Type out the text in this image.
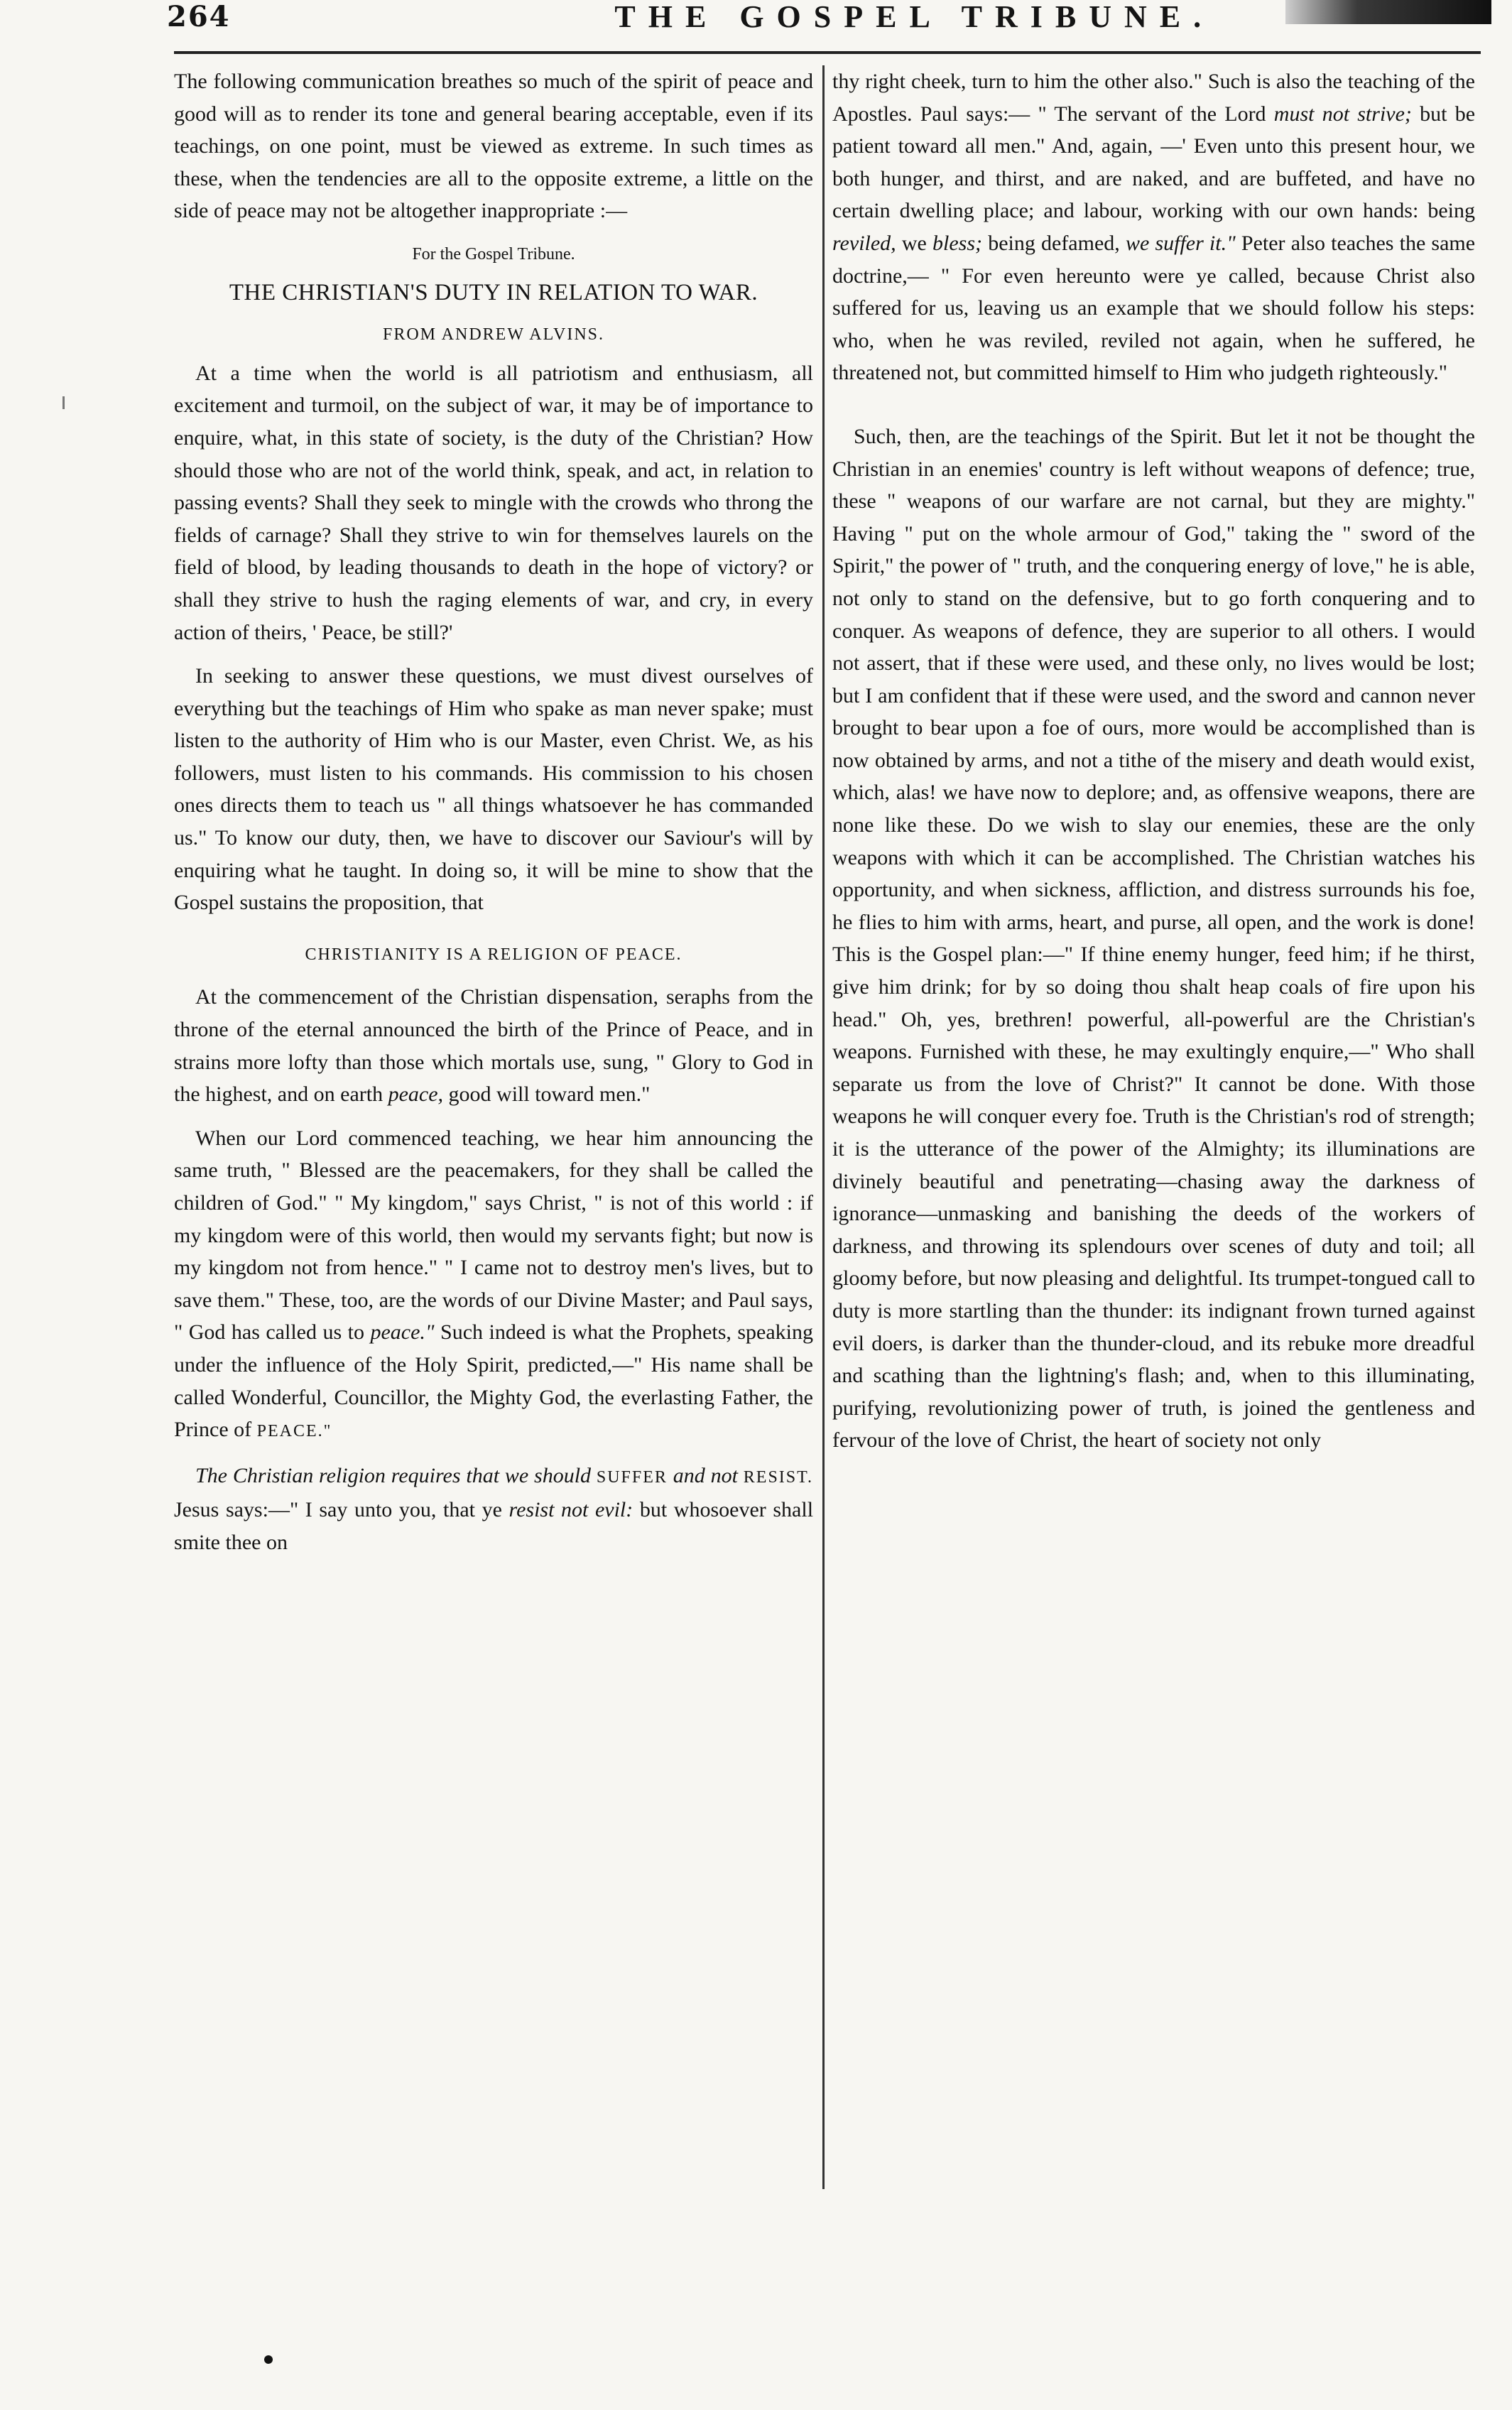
264	THE GOSPEL TRIBUNE.

The following communication breathes so much of the spirit of peace and good will as to render its tone and general bearing acceptable, even if its teachings, on one point, must be viewed as extreme. In such times as these, when the tendencies are all to the opposite extreme, a little on the side of peace may not be altogether inappropriate :—

For the Gospel Tribune.
THE CHRISTIAN'S DUTY IN RELATION TO WAR.
FROM ANDREW ALVINS.

At a time when the world is all patriotism and enthusiasm, all excitement and turmoil, on the subject of war, it may be of importance to enquire, what, in this state of society, is the duty of the Christian? How should those who are not of the world think, speak, and act, in relation to passing events? Shall they seek to mingle with the crowds who throng the fields of carnage? Shall they strive to win for themselves laurels on the field of blood, by leading thousands to death in the hope of victory? or shall they strive to hush the raging elements of war, and cry, in every action of theirs, ' Peace, be still?'

In seeking to answer these questions, we must divest ourselves of everything but the teachings of Him who spake as man never spake; must listen to the authority of Him who is our Master, even Christ. We, as his followers, must listen to his commands. His commission to his chosen ones directs them to teach us " all things whatsoever he has commanded us." To know our duty, then, we have to discover our Saviour's will by enquiring what he taught. In doing so, it will be mine to show that the Gospel sustains the proposition, that

CHRISTIANITY IS A RELIGION OF PEACE.

At the commencement of the Christian dispensation, seraphs from the throne of the eternal announced the birth of the Prince of Peace, and in strains more lofty than those which mortals use, sung, " Glory to God in the highest, and on earth peace, good will toward men."

When our Lord commenced teaching, we hear him announcing the same truth, " Blessed are the peacemakers, for they shall be called the children of God." " My kingdom," says Christ, " is not of this world : if my kingdom were of this world, then would my servants fight; but now is my kingdom not from hence." " I came not to destroy men's lives, but to save them." These, too, are the words of our Divine Master; and Paul says, " God has called us to peace." Such indeed is what the Prophets, speaking under the influence of the Holy Spirit, predicted,—" His name shall be called Wonderful, Councillor, the Mighty God, the everlasting Father, the Prince of PEACE."

The Christian religion requires that we should SUFFER and not RESIST. Jesus says:—" I say unto you, that ye resist not evil: but whosoever shall smite thee on

thy right cheek, turn to him the other also." Such is also the teaching of the Apostles. Paul says:— " The servant of the Lord must not strive; but be patient toward all men." And, again, —' Even unto this present hour, we both hunger, and thirst, and are naked, and are buffeted, and have no certain dwelling place; and labour, working with our own hands: being reviled, we bless; being defamed, we suffer it." Peter also teaches the same doctrine,— " For even hereunto were ye called, because Christ also suffered for us, leaving us an example that we should follow his steps: who, when he was reviled, reviled not again, when he suffered, he threatened not, but committed himself to Him who judgeth righteously."

Such, then, are the teachings of the Spirit. But let it not be thought the Christian in an enemies' country is left without weapons of defence; true, these " weapons of our warfare are not carnal, but they are mighty." Having " put on the whole armour of God," taking the " sword of the Spirit," the power of " truth, and the conquering energy of love," he is able, not only to stand on the defensive, but to go forth conquering and to conquer. As weapons of defence, they are superior to all others. I would not assert, that if these were used, and these only, no lives would be lost; but I am confident that if these were used, and the sword and cannon never brought to bear upon a foe of ours, more would be accomplished than is now obtained by arms, and not a tithe of the misery and death would exist, which, alas! we have now to deplore; and, as offensive weapons, there are none like these. Do we wish to slay our enemies, these are the only weapons with which it can be accomplished. The Christian watches his opportunity, and when sickness, affliction, and distress surrounds his foe, he flies to him with arms, heart, and purse, all open, and the work is done! This is the Gospel plan:—" If thine enemy hunger, feed him; if he thirst, give him drink; for by so doing thou shalt heap coals of fire upon his head." Oh, yes, brethren! powerful, all-powerful are the Christian's weapons. Furnished with these, he may exultingly enquire,—" Who shall separate us from the love of Christ?" It cannot be done. With those weapons he will conquer every foe. Truth is the Christian's rod of strength; it is the utterance of the power of the Almighty; its illuminations are divinely beautiful and penetrating—chasing away the darkness of ignorance—unmasking and banishing the deeds of the workers of darkness, and throwing its splendours over scenes of duty and toil; all gloomy before, but now pleasing and delightful. Its trumpet-tongued call to duty is more startling than the thunder: its indignant frown turned against evil doers, is darker than the thunder-cloud, and its rebuke more dreadful and scathing than the lightning's flash; and, when to this illuminating, purifying, revolutionizing power of truth, is joined the gentleness and fervour of the love of Christ, the heart of society not only
